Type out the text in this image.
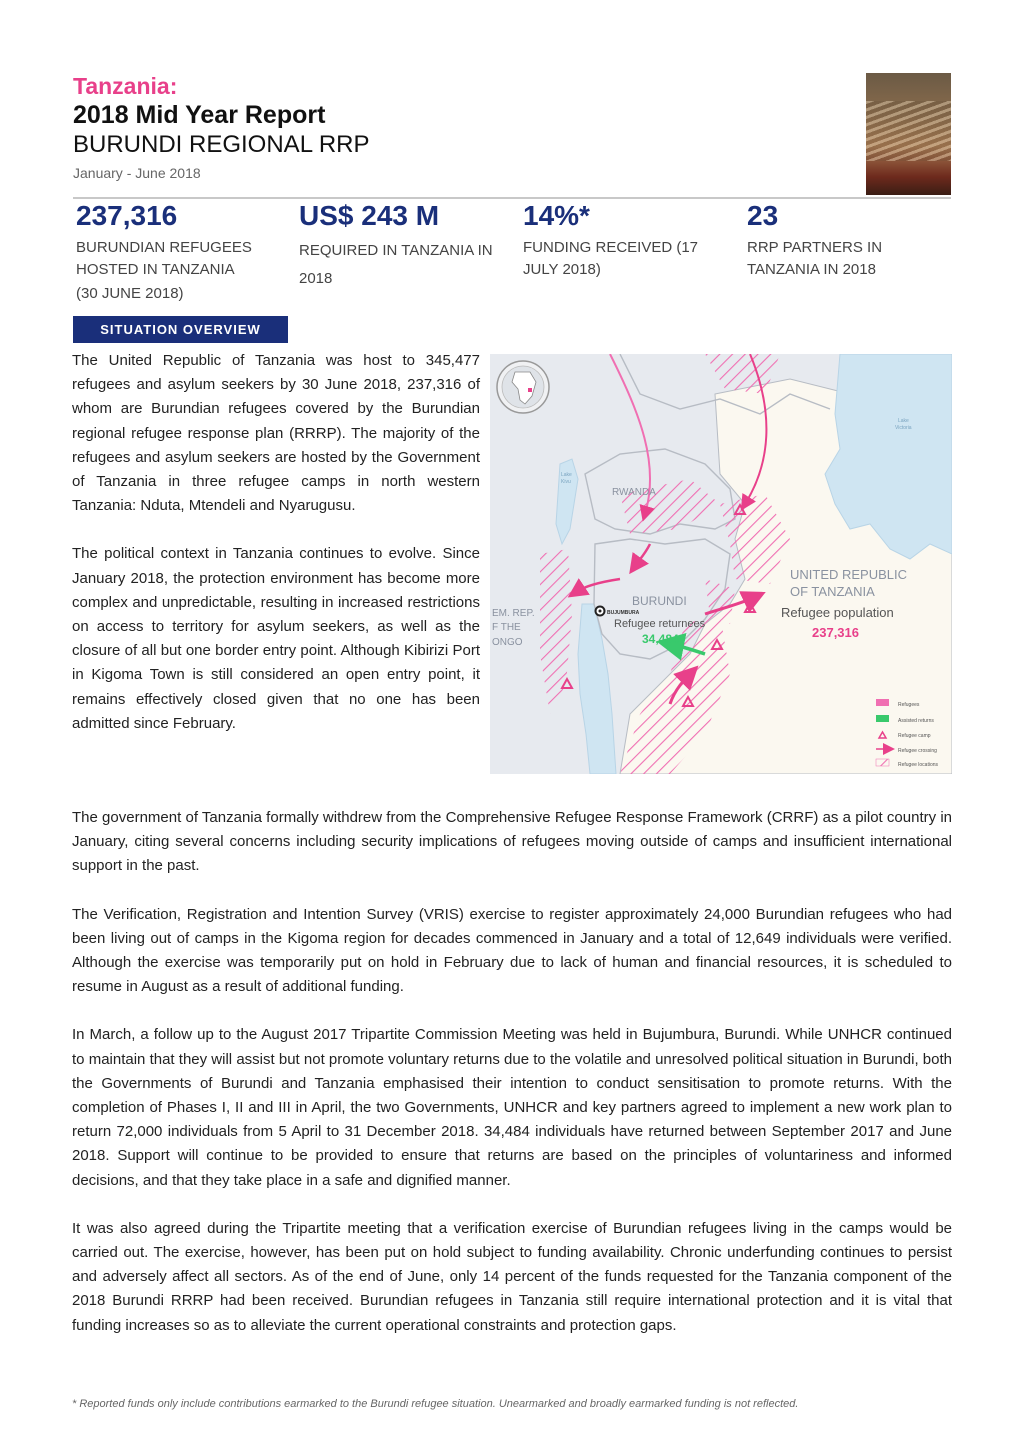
Tanzania:
2018 Mid Year Report
BURUNDI REGIONAL RRP
January - June 2018
237,316
BURUNDIAN REFUGEES HOSTED IN TANZANIA
(30 JUNE 2018)
US$ 243 M
REQUIRED IN TANZANIA IN 2018
14%*
FUNDING RECEIVED (17 JULY 2018)
23
RRP PARTNERS IN TANZANIA IN 2018
SITUATION OVERVIEW

The United Republic of Tanzania was host to 345,477 refugees and asylum seekers by 30 June 2018, 237,316 of whom are Burundian refugees covered by the Burundian regional refugee response plan (RRRP). The majority of the refugees and asylum seekers are hosted by the Government of Tanzania in three refugee camps in north western Tanzania: Nduta, Mtendeli and Nyarugusu.

The political context in Tanzania continues to evolve. Since January 2018, the protection environment has become more complex and unpredictable, resulting in increased restrictions on access to territory for asylum seekers, as well as the closure of all but one border entry point. Although Kibirizi Port in Kigoma Town is still considered an open entry point, it remains effectively closed given that no one has been admitted since February.

BUJUMBURA
RWANDA
BURUNDI
EM. REP.
F THE
ONGO
UNITED REPUBLIC
OF TANZANIA
Lake
Victoria
Lake
Kivu
Refugee returnees
34,484
Refugee population
237,316
Refugees
Assisted returns
Refugee camp
Refugee crossing
Refugee locations

The government of Tanzania formally withdrew from the Comprehensive Refugee Response Framework (CRRF) as a pilot country in January, citing several concerns including security implications of refugees moving outside of camps and insufficient international support in the past.

The Verification, Registration and Intention Survey (VRIS) exercise to register approximately 24,000 Burundian refugees who had been living out of camps in the Kigoma region for decades commenced in January and a total of 12,649 individuals were verified. Although the exercise was temporarily put on hold in February due to lack of human and financial resources, it is scheduled to resume in August as a result of additional funding.

In March, a follow up to the August 2017 Tripartite Commission Meeting was held in Bujumbura, Burundi. While UNHCR continued to maintain that they will assist but not promote voluntary returns due to the volatile and unresolved political situation in Burundi, both the Governments of Burundi and Tanzania emphasised their intention to conduct sensitisation to promote returns. With the completion of Phases I, II and III in April, the two Governments, UNHCR and key partners agreed to implement a new work plan to return 72,000 individuals from 5 April to 31 December 2018. 34,484 individuals have returned between September 2017 and June 2018. Support will continue to be provided to ensure that returns are based on the principles of voluntariness and informed decisions, and that they take place in a safe and dignified manner.

It was also agreed during the Tripartite meeting that a verification exercise of Burundian refugees living in the camps would be carried out. The exercise, however, has been put on hold subject to funding availability. Chronic underfunding continues to persist and adversely affect all sectors. As of the end of June, only 14 percent of the funds requested for the Tanzania component of the 2018 Burundi RRRP had been received. Burundian refugees in Tanzania still require international protection and it is vital that funding increases so as to alleviate the current operational constraints and protection gaps.

* Reported funds only include contributions earmarked to the Burundi refugee situation. Unearmarked and broadly earmarked funding is not reflected.
